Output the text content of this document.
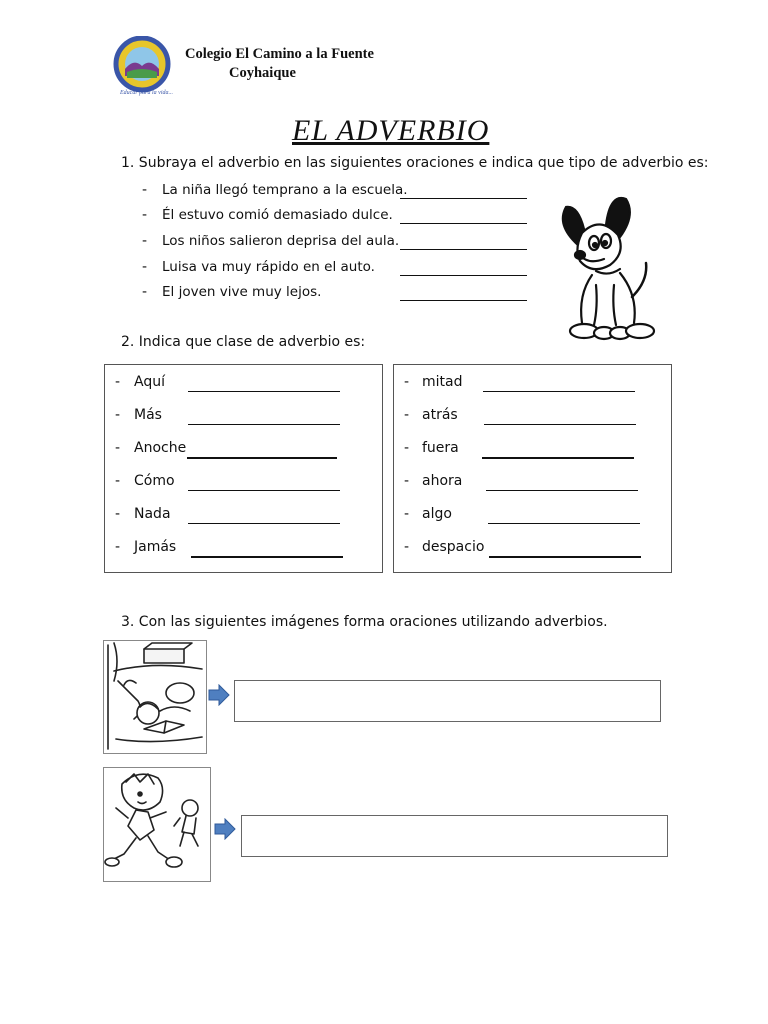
Educar para la vida...
Colegio El Camino a la Fuente
Coyhaique
EL ADVERBIO
1. Subraya el adverbio en las siguientes oraciones e indica que tipo de adverbio es:
- La niña llegó temprano a la escuela.
- Él estuvo comió demasiado dulce.
- Los niños salieron deprisa del aula.
- Luisa va muy rápido en el auto.
- El joven vive muy lejos.
2. Indica que clase de adverbio es:
- Aquí
- Más
- Anoche
- Cómo
- Nada
- Jamás
- mitad
- atrás
- fuera
- ahora
- algo
- despacio
3. Con las siguientes imágenes forma oraciones utilizando adverbios.
